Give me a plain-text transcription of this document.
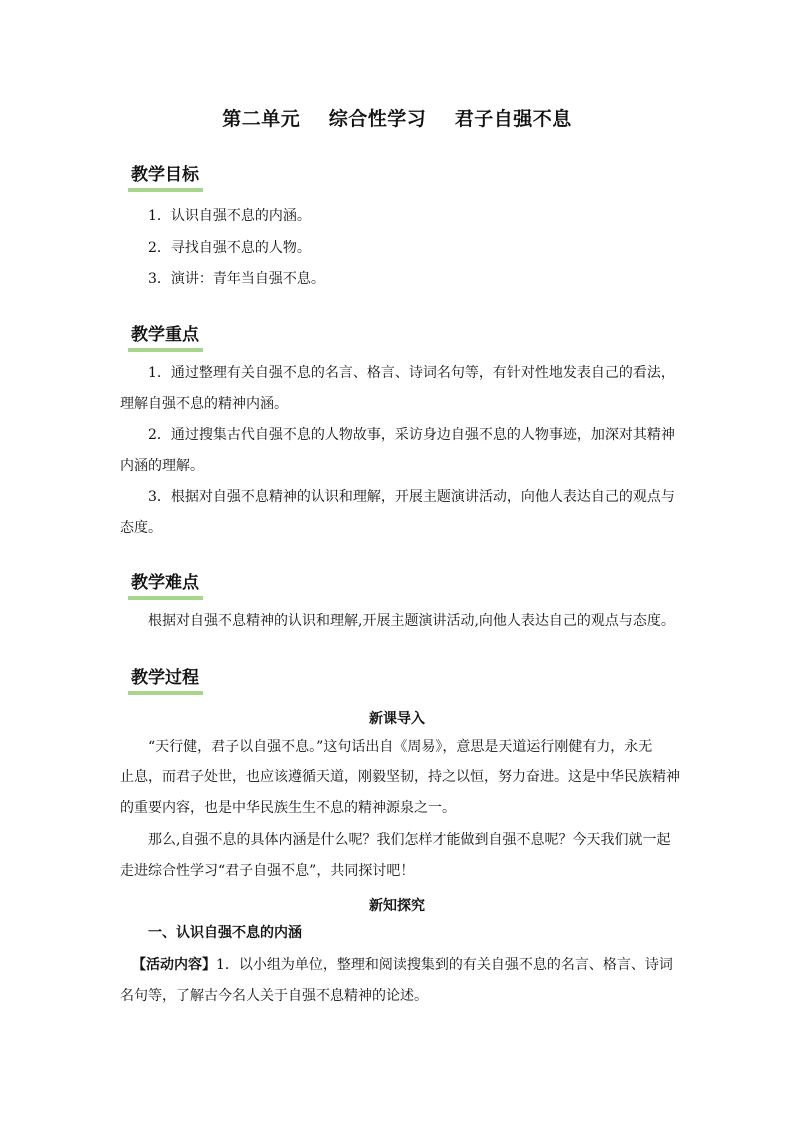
第二单元    综合性学习    君子自强不息
教学目标
1．认识自强不息的内涵。
2．寻找自强不息的人物。
3．演讲：青年当自强不息。
教学重点
1．通过整理有关自强不息的名言、格言、诗词名句等，有针对性地发表自己的看法，
理解自强不息的精神内涵。
2．通过搜集古代自强不息的人物故事，采访身边自强不息的人物事迹，加深对其精神
内涵的理解。
3．根据对自强不息精神的认识和理解，开展主题演讲活动，向他人表达自己的观点与
态度。
教学难点
根据对自强不息精神的认识和理解,开展主题演讲活动,向他人表达自己的观点与态度。
教学过程
新课导入
“天行健，君子以自强不息。”这句话出自《周易》，意思是天道运行刚健有力，永无
止息，而君子处世，也应该遵循天道，刚毅坚韧，持之以恒，努力奋进。这是中华民族精神
的重要内容，也是中华民族生生不息的精神源泉之一。
那么,自强不息的具体内涵是什么呢？我们怎样才能做到自强不息呢？今天我们就一起
走进综合性学习“君子自强不息”，共同探讨吧！
新知探究
一、认识自强不息的内涵
【活动内容】1．以小组为单位，整理和阅读搜集到的有关自强不息的名言、格言、诗词
名句等，了解古今名人关于自强不息精神的论述。
